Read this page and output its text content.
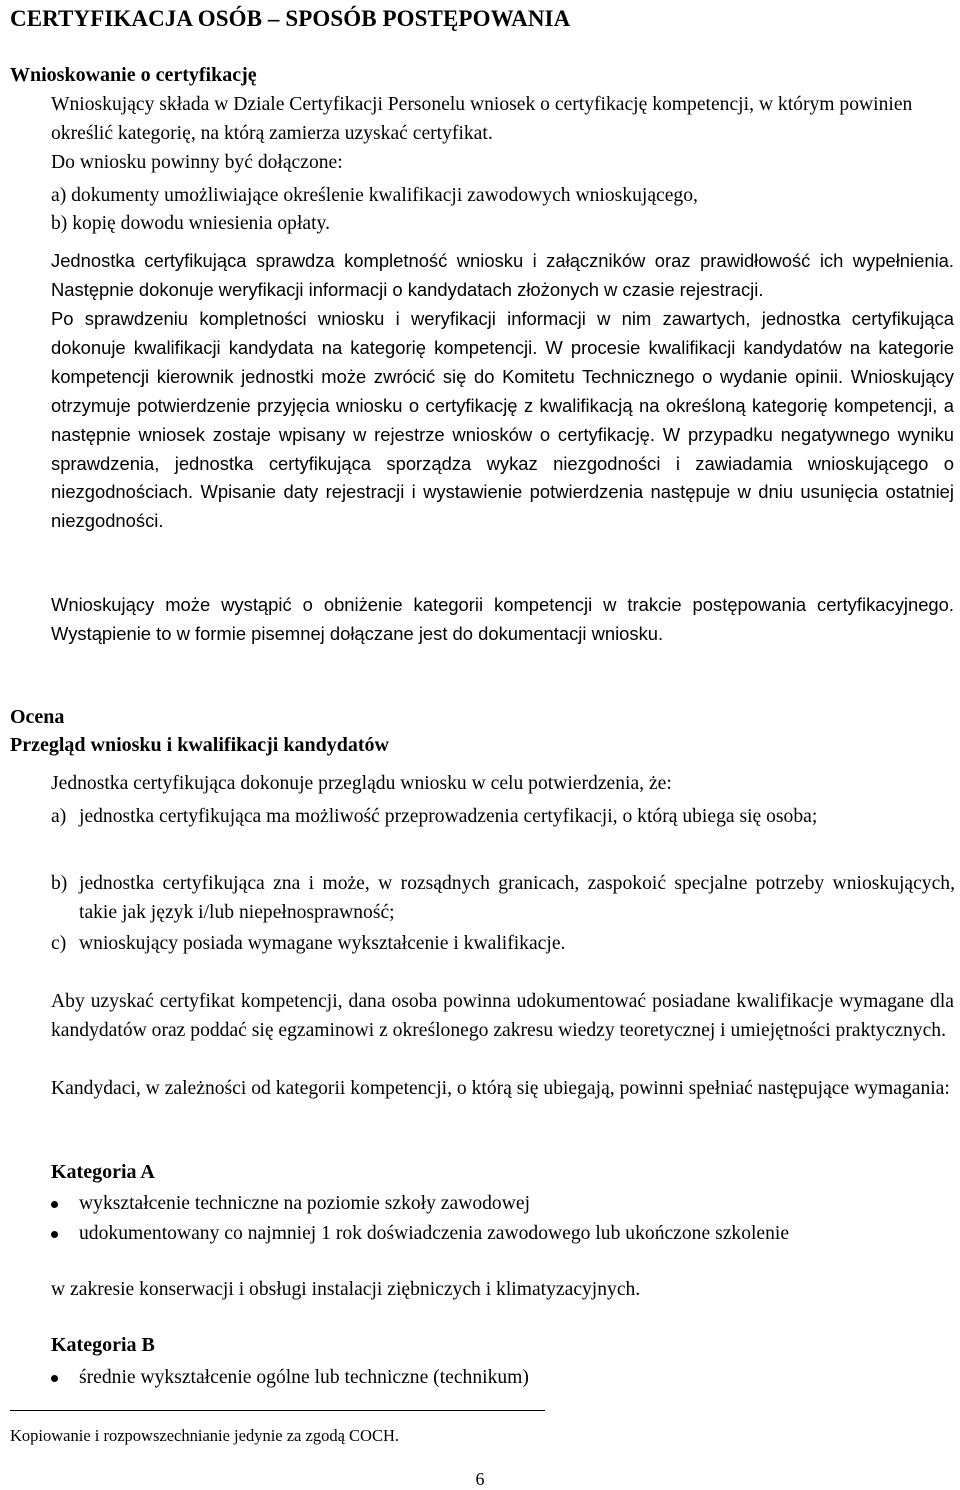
CERTYFIKACJA OSÓB – SPOSÓB POSTĘPOWANIA
Wnioskowanie o certyfikację
Wnioskujący składa w Dziale Certyfikacji Personelu wniosek o certyfikację kompetencji, w którym powinien określić kategorię, na którą zamierza uzyskać certyfikat.
Do wniosku powinny być dołączone:
a) dokumenty umożliwiające określenie kwalifikacji zawodowych wnioskującego,
b) kopię dowodu wniesienia opłaty.
Jednostka certyfikująca sprawdza kompletność wniosku i załączników oraz prawidłowość ich wypełnienia. Następnie dokonuje weryfikacji informacji o kandydatach złożonych w czasie rejestracji.
Po sprawdzeniu kompletności wniosku i weryfikacji informacji w nim zawartych, jednostka certyfikująca dokonuje kwalifikacji kandydata na kategorię kompetencji. W procesie kwalifikacji kandydatów na kategorie kompetencji kierownik jednostki może zwrócić się do Komitetu Technicznego o wydanie opinii. Wnioskujący otrzymuje potwierdzenie przyjęcia wniosku o certyfikację z kwalifikacją na określoną kategorię kompetencji, a następnie wniosek zostaje wpisany w rejestrze wniosków o certyfikację. W przypadku negatywnego wyniku sprawdzenia, jednostka certyfikująca sporządza wykaz niezgodności i zawiadamia wnioskującego o niezgodnościach. Wpisanie daty rejestracji i wystawienie potwierdzenia następuje w dniu usunięcia ostatniej niezgodności.
Wnioskujący może wystąpić o obniżenie kategorii kompetencji w trakcie postępowania certyfikacyjnego. Wystąpienie to w formie pisemnej dołączane jest do dokumentacji wniosku.
Ocena
Przegląd wniosku i kwalifikacji kandydatów
Jednostka certyfikująca dokonuje przeglądu wniosku w celu potwierdzenia, że:
a) jednostka certyfikująca ma możliwość przeprowadzenia certyfikacji, o którą ubiega się osoba;
b) jednostka certyfikująca zna i może, w rozsądnych granicach, zaspokoić specjalne potrzeby wnioskujących, takie jak język i/lub niepełnosprawność;
c) wnioskujący posiada wymagane wykształcenie i kwalifikacje.
Aby uzyskać certyfikat kompetencji, dana osoba powinna udokumentować posiadane kwalifikacje wymagane dla kandydatów oraz poddać się egzaminowi z określonego zakresu wiedzy teoretycznej i umiejętności praktycznych.
Kandydaci, w zależności od kategorii kompetencji, o którą się ubiegają, powinni spełniać następujące wymagania:
Kategoria A
wykształcenie techniczne na poziomie szkoły zawodowej
udokumentowany co najmniej 1 rok doświadczenia zawodowego lub ukończone szkolenie
w zakresie konserwacji i obsługi instalacji ziębniczych i klimatyzacyjnych.
Kategoria B
średnie wykształcenie ogólne lub techniczne (technikum)
Kopiowanie i rozpowszechnianie jedynie za zgodą COCH.
6
